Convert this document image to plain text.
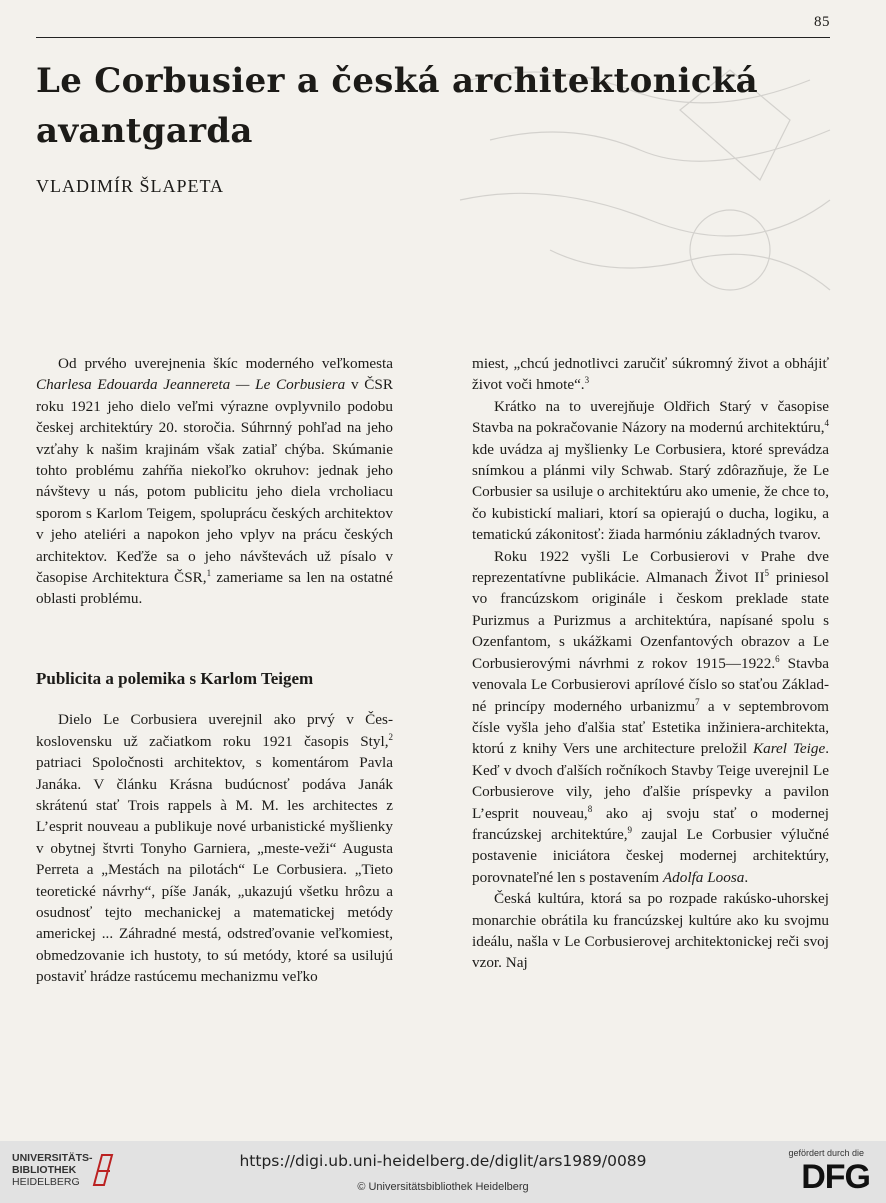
85
Le Corbusier a česká architektonická
avantgarda
VLADIMÍR ŠLAPETA

Od prvého uverejnenia škíc moderného veľkomesta Charlesa Edouarda Jeannereta — Le Corbusiera v ČSR roku 1921 jeho dielo veľmi výrazne ovplyvnilo podobu českej architektúry 20. storočia. Súhrnný pohľad na jeho vzťahy k našim krajinám však zatiaľ chýba. Skúmanie tohto problému zahŕňa niekoľko okruhov: jednak jeho návštevy u nás, potom publicitu jeho diela vrcholiacu sporom s Karlom Teigem, spoluprácu českých architektov v jeho ateliéri a napokon jeho vplyv na prácu českých architektov. Keďže sa o jeho návštevách už písalo v časopise Architektura ČSR,$^1$ zameriame sa len na ostatné oblasti problému.

Publicita a polemika s Karlom Teigem

Dielo Le Corbusiera uverejnil ako prvý v Československu už začiatkom roku 1921 časopis Styl,$^2$ patriaci Spoločnosti architektov, s komentárom Pavla Janáka. V článku Krásna budúcnosť podáva Janák skrátenú stať Trois rappels à M. M. les architectes z L’esprit nouveau a publikuje nové urbanistické myšlienky v obytnej štvrti Tonyho Garniera, „meste-veži“ Augusta Perreta a „Mestách na pilotách“ Le Corbusiera. „Tieto teoretické návrhy“, píše Janák, „ukazujú všetku hrôzu a osudnosť tejto mechanickej a matematickej metódy americkej ... Záhradné mestá, odstreďovanie veľkomiest, obmedzovanie ich hustoty, to sú metódy, ktoré sa usilujú postaviť hrádze rastúcemu mechanizmu veľko

miest, „chcú jednotlivci zaručiť súkromný život a obhájiť život voči hmote“.$^3$

Krátko na to uverejňuje Oldřich Starý v časopise Stavba na pokračovanie Názory na modernú architektúru,$^4$ kde uvádza aj myšlienky Le Corbusiera, ktoré sprevádza snímkou a plánmi vily Schwab. Starý zdôrazňuje, že Le Corbusier sa usiluje o architektúru ako umenie, že chce to, čo kubistickí maliari, ktorí sa opierajú o ducha, logiku, a tematickú zákonitosť: žiada harmóniu základných tvarov.

Roku 1922 vyšli Le Corbusierovi v Prahe dve reprezentatívne publikácie. Almanach Život $II^5$ priniesol vo francúzskom originále i českom preklade state Purizmus a Purizmus a architektúra, napísané spolu s Ozenfantom, s ukážkami Ozenfantových obrazov a Le Corbusierovými návrhmi z rokov 1915—1922.$^6$ Stavba venovala Le Corbusierovi aprílové číslo so staťou Základné princípy moderného urbanizmu$^7$ a v septembrovom čísle vyšla jeho ďalšia stať Estetika inžiniera-architekta, ktorú z knihy Vers une architecture preložil Karel Teige. Keď v dvoch ďalších ročníkoch Stavby Teige uverejnil Le Corbusierove vily, jeho ďalšie príspevky a pavilon L’esprit nouveau,$^8$ ako aj svoju stať o modernej francúzskej architektúre,$^9$ zaujal Le Corbusier výlučné postavenie iniciátora českej modernej architektúry, porovnateľné len s postavením Adolfa Loosa.

Česká kultúra, ktorá sa po rozpade rakúsko-uhorskej monarchie obrátila ku francúzskej kultúre ako ku svojmu ideálu, našla v Le Corbusierovej architektonickej reči svoj vzor. Naj

UNIVERSITÄTS-
BIBLIOTHEK
HEIDELBERG
https://digi.ub.uni-heidelberg.de/diglit/ars1989/0089
© Universitätsbibliothek Heidelberg
gefördert durch die
DFG
